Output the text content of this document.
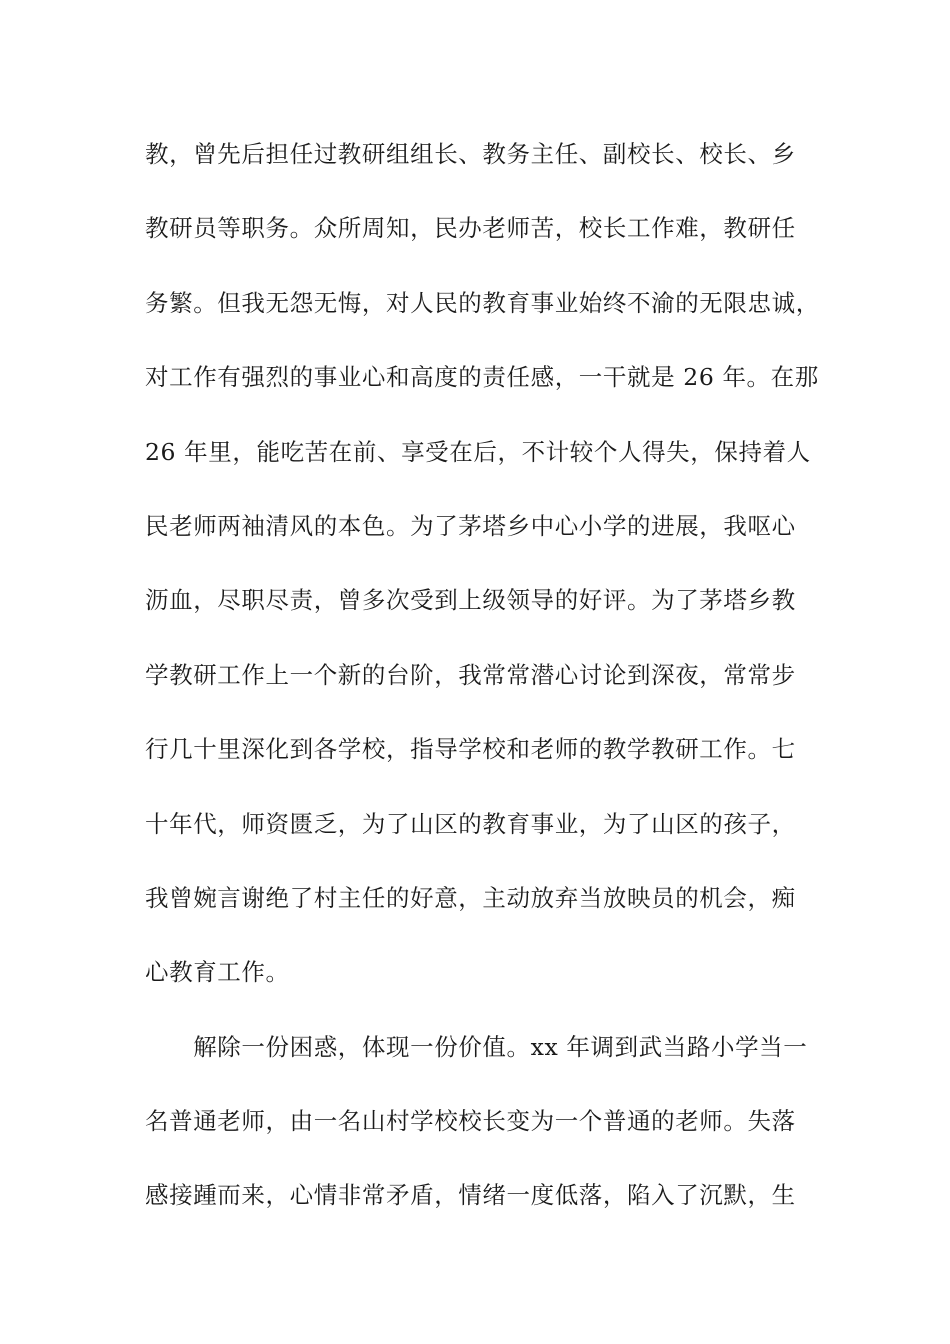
教，曾先后担任过教研组组长、教务主任、副校长、校长、乡
教研员等职务。众所周知，民办老师苦，校长工作难，教研任
务繁。但我无怨无悔，对人民的教育事业始终不渝的无限忠诚，
对工作有强烈的事业心和高度的责任感，一干就是 26 年。在那
26 年里，能吃苦在前、享受在后，不计较个人得失，保持着人
民老师两袖清风的本色。为了茅塔乡中心小学的进展，我呕心
沥血，尽职尽责，曾多次受到上级领导的好评。为了茅塔乡教
学教研工作上一个新的台阶，我常常潜心讨论到深夜，常常步
行几十里深化到各学校，指导学校和老师的教学教研工作。七
十年代，师资匮乏，为了山区的教育事业，为了山区的孩子，
我曾婉言谢绝了村主任的好意，主动放弃当放映员的机会，痴
心教育工作。
　　解除一份困惑，体现一份价值。xx 年调到武当路小学当一
名普通老师，由一名山村学校校长变为一个普通的老师。失落
感接踵而来，心情非常矛盾，情绪一度低落，陷入了沉默，生
